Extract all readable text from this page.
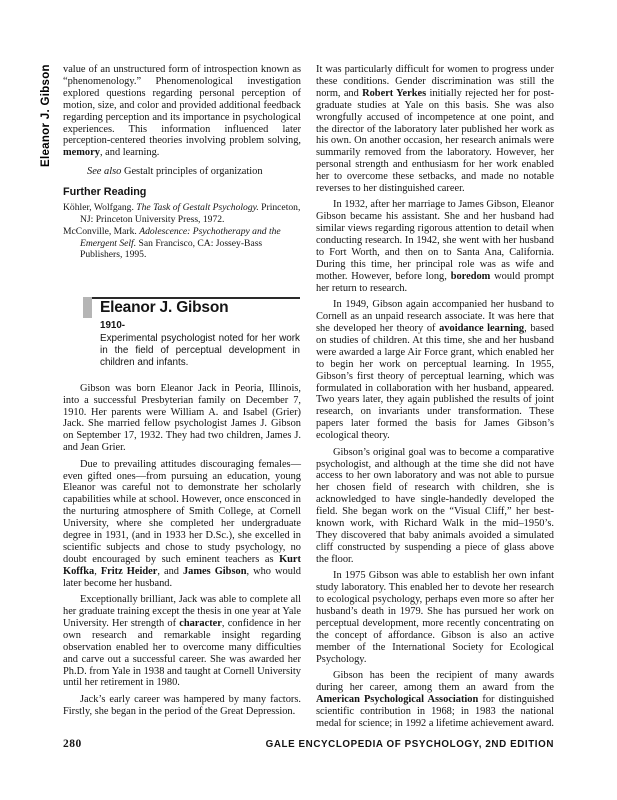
Eleanor J. Gibson value of an unstructured form of introspection known as “phenomenology.” Phenomenological investigation explored questions regarding personal perception of motion, size, and color and provided additional feedback regarding perception and its importance in psychological experiences. This information influenced later perception-centered theories involving problem solving, memory, and learning.

See also Gestalt principles of organization
Further Reading
Köhler, Wolfgang. The Task of Gestalt Psychology. Princeton, NJ: Princeton University Press, 1972.
McConville, Mark. Adolescence: Psychotherapy and the Emergent Self. San Francisco, CA: Jossey-Bass Publishers, 1995.
Eleanor J. Gibson
1910-
Experimental psychologist noted for her work in the field of perceptual development in children and infants.

Gibson was born Eleanor Jack in Peoria, Illinois, into a successful Presbyterian family on December 7, 1910. Her parents were William A. and Isabel (Grier) Jack. She married fellow psychologist James J. Gibson on September 17, 1932. They had two children, James J. and Jean Grier.

Due to prevailing attitudes discouraging females—even gifted ones—from pursuing an education, young Eleanor was careful not to demonstrate her scholarly capabilities while at school. However, once ensconced in the nurturing atmosphere of Smith College, at Cornell University, where she completed her undergraduate degree in 1931, (and in 1933 her D.Sc.), she excelled in scientific subjects and chose to study psychology, no doubt encouraged by such eminent teachers as Kurt Koffka, Fritz Heider, and James Gibson, who would later become her husband.

Exceptionally brilliant, Jack was able to complete all her graduate training except the thesis in one year at Yale University. Her strength of character, confidence in her own research and remarkable insight regarding observation enabled her to overcome many difficulties and carve out a successful career. She was awarded her Ph.D. from Yale in 1938 and taught at Cornell University until her retirement in 1980.

Jack’s early career was hampered by many factors. Firstly, she began in the period of the Great Depression.

It was particularly difficult for women to progress under these conditions. Gender discrimination was still the norm, and Robert Yerkes initially rejected her for post-graduate studies at Yale on this basis. She was also wrongfully accused of incompetence at one point, and the director of the laboratory later published her work as his own. On another occasion, her research animals were summarily removed from the laboratory. However, her personal strength and enthusiasm for her work enabled her to overcome these setbacks, and made no notable reverses to her distinguished career.

In 1932, after her marriage to James Gibson, Eleanor Gibson became his assistant. She and her husband had similar views regarding rigorous attention to detail when conducting research. In 1942, she went with her husband to Fort Worth, and then on to Santa Ana, California. During this time, her principal role was as wife and mother. However, before long, boredom would prompt her return to research.

In 1949, Gibson again accompanied her husband to Cornell as an unpaid research associate. It was here that she developed her theory of avoidance learning, based on studies of children. At this time, she and her husband were awarded a large Air Force grant, which enabled her to begin her work on perceptual learning. In 1955, Gibson’s first theory of perceptual learning, which was formulated in collaboration with her husband, appeared. Two years later, they again published the results of joint research, on invariants under transformation. These papers later formed the basis for James Gibson’s ecological theory.

Gibson’s original goal was to become a comparative psychologist, and although at the time she did not have access to her own laboratory and was not able to pursue her chosen field of research with children, she is acknowledged to have single-handedly developed the field. She began work on the “Visual Cliff,” her best-known work, with Richard Walk in the mid–1950’s. They discovered that baby animals avoided a simulated cliff constructed by suspending a piece of glass above the floor.

In 1975 Gibson was able to establish her own infant study laboratory. This enabled her to devote her research to ecological psychology, perhaps even more so after her husband’s death in 1979. She has pursued her work on perceptual development, more recently concentrating on the concept of affordance. Gibson is also an active member of the International Society for Ecological Psychology.

Gibson has been the recipient of many awards during her career, among them an award from the American Psychological Association for distinguished scientific contribution in 1968; in 1983 the national medal for science; in 1992 a lifetime achievement award.

280	GALE ENCYCLOPEDIA OF PSYCHOLOGY, 2ND EDITION
